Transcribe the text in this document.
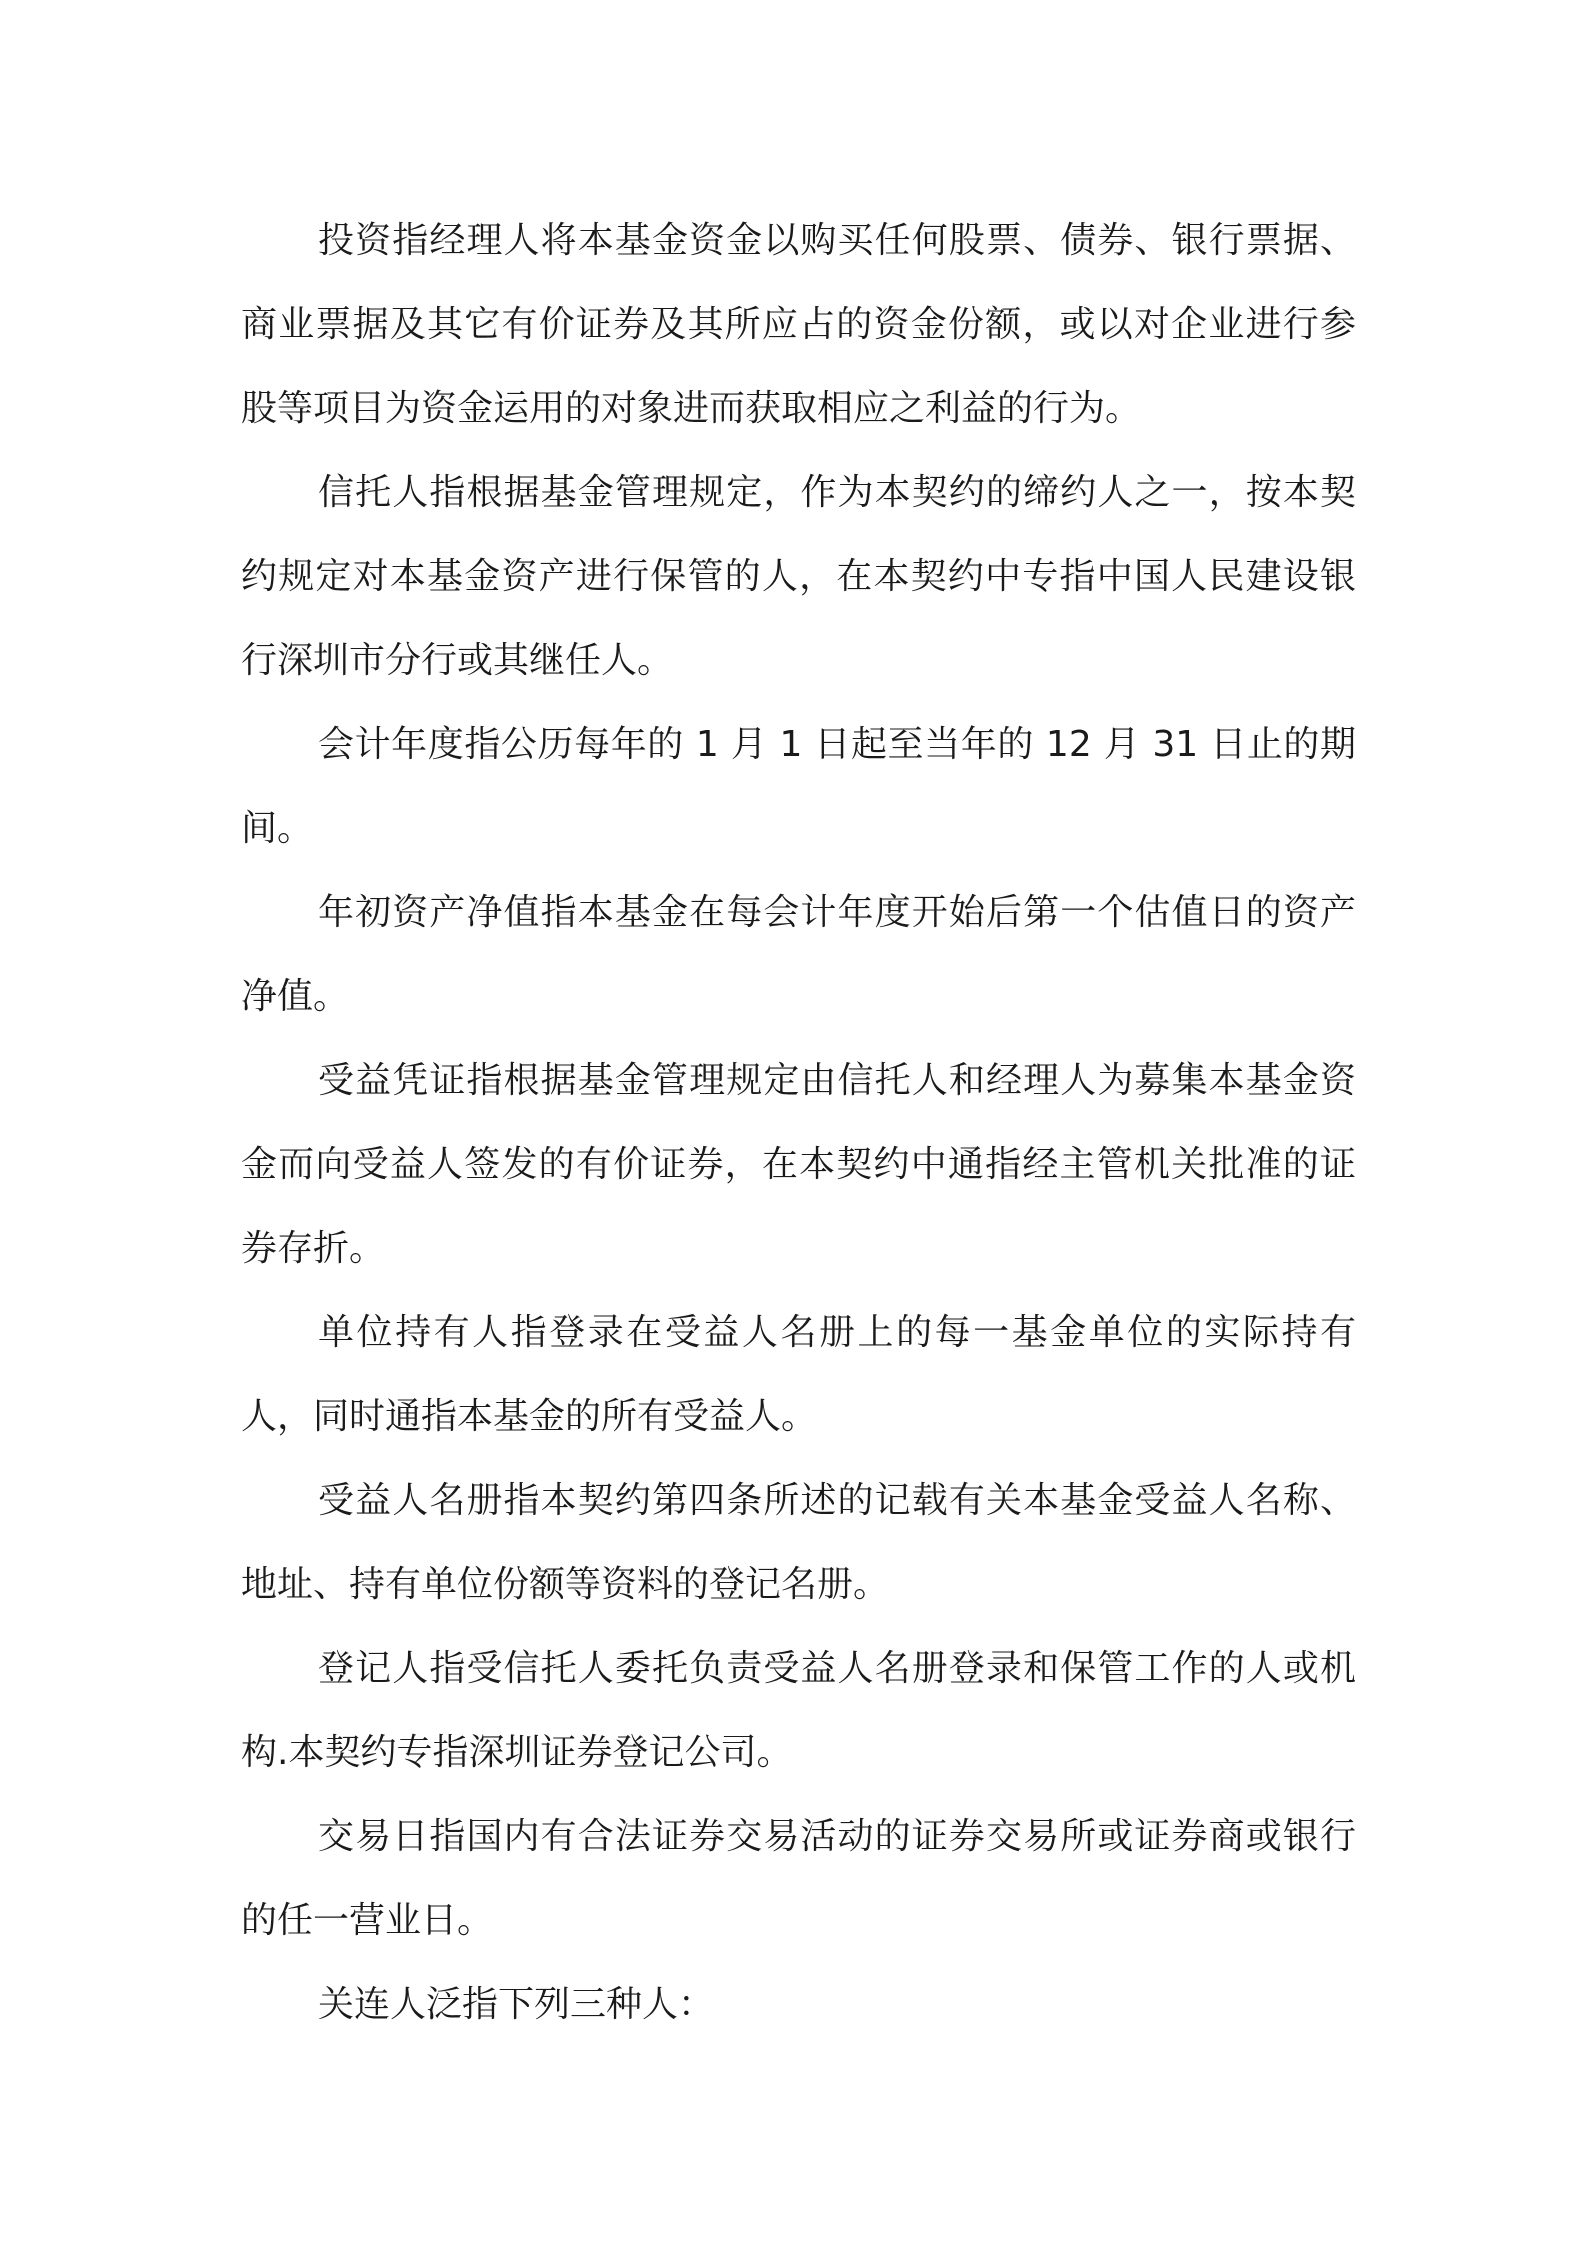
投资指经理人将本基金资金以购买任何股票、债券、银行票据、商业票据及其它有价证券及其所应占的资金份额，或以对企业进行参股等项目为资金运用的对象进而获取相应之利益的行为。

信托人指根据基金管理规定，作为本契约的缔约人之一，按本契约规定对本基金资产进行保管的人，在本契约中专指中国人民建设银行深圳市分行或其继任人。

会计年度指公历每年的 1 月 1 日起至当年的 12 月 31 日止的期间。

年初资产净值指本基金在每会计年度开始后第一个估值日的资产净值。

受益凭证指根据基金管理规定由信托人和经理人为募集本基金资金而向受益人签发的有价证券，在本契约中通指经主管机关批准的证券存折。

单位持有人指登录在受益人名册上的每一基金单位的实际持有人，同时通指本基金的所有受益人。

受益人名册指本契约第四条所述的记载有关本基金受益人名称、地址、持有单位份额等资料的登记名册。

登记人指受信托人委托负责受益人名册登录和保管工作的人或机构.本契约专指深圳证券登记公司。

交易日指国内有合法证券交易活动的证券交易所或证券商或银行的任一营业日。

关连人泛指下列三种人：
